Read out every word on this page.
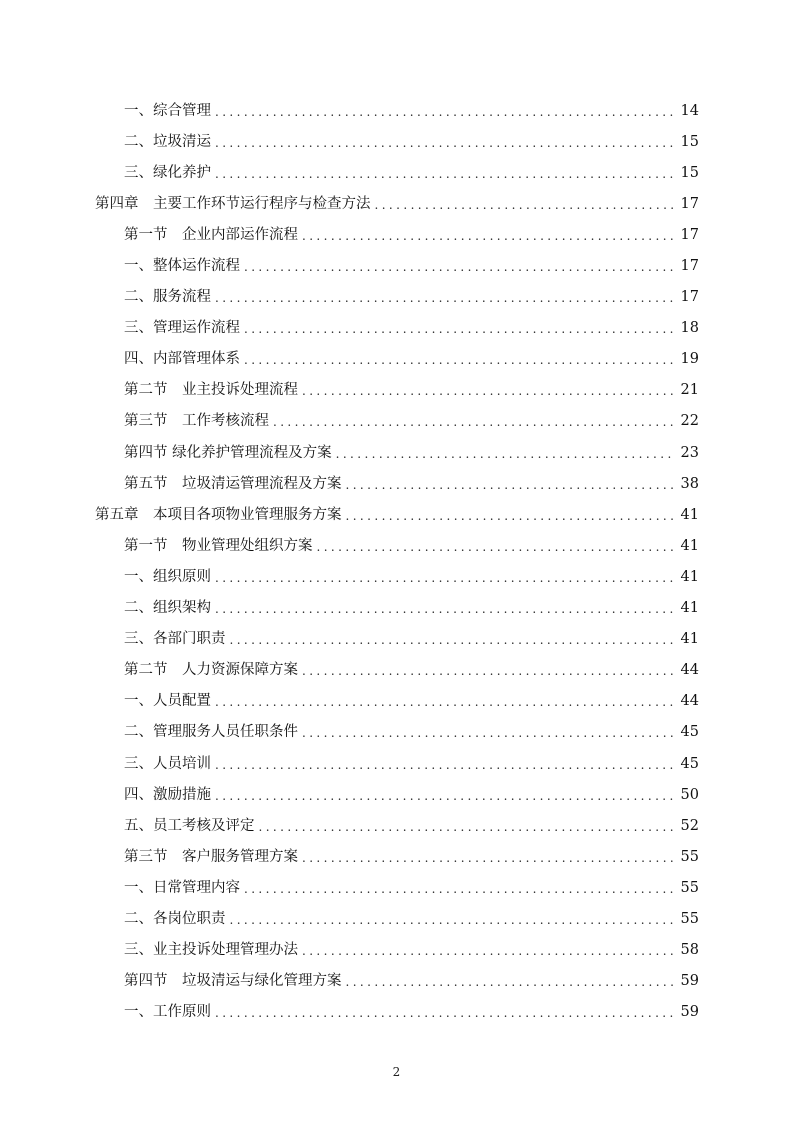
一、综合管理 .....	14
二、垃圾清运 .....	15
三、绿化养护 .....	15
第四章　主要工作环节运行程序与检查方法 .....	17
第一节　企业内部运作流程 .....	17
一、整体运作流程 .....	17
二、服务流程 .....	17
三、管理运作流程 .....	18
四、内部管理体系 .....	19
第二节　业主投诉处理流程 .....	21
第三节　工作考核流程 .....	22
第四节 绿化养护管理流程及方案 .....	23
第五节　垃圾清运管理流程及方案 .....	38
第五章　本项目各项物业管理服务方案 .....	41
第一节　物业管理处组织方案 .....	41
一、组织原则 .....	41
二、组织架构 .....	41
三、各部门职责 .....	41
第二节　人力资源保障方案 .....	44
一、人员配置 .....	44
二、管理服务人员任职条件 .....	45
三、人员培训 .....	45
四、激励措施 .....	50
五、员工考核及评定 .....	52
第三节　客户服务管理方案 .....	55
一、日常管理内容 .....	55
二、各岗位职责 .....	55
三、业主投诉处理管理办法 .....	58
第四节　垃圾清运与绿化管理方案 .....	59
一、工作原则 .....	59
2
